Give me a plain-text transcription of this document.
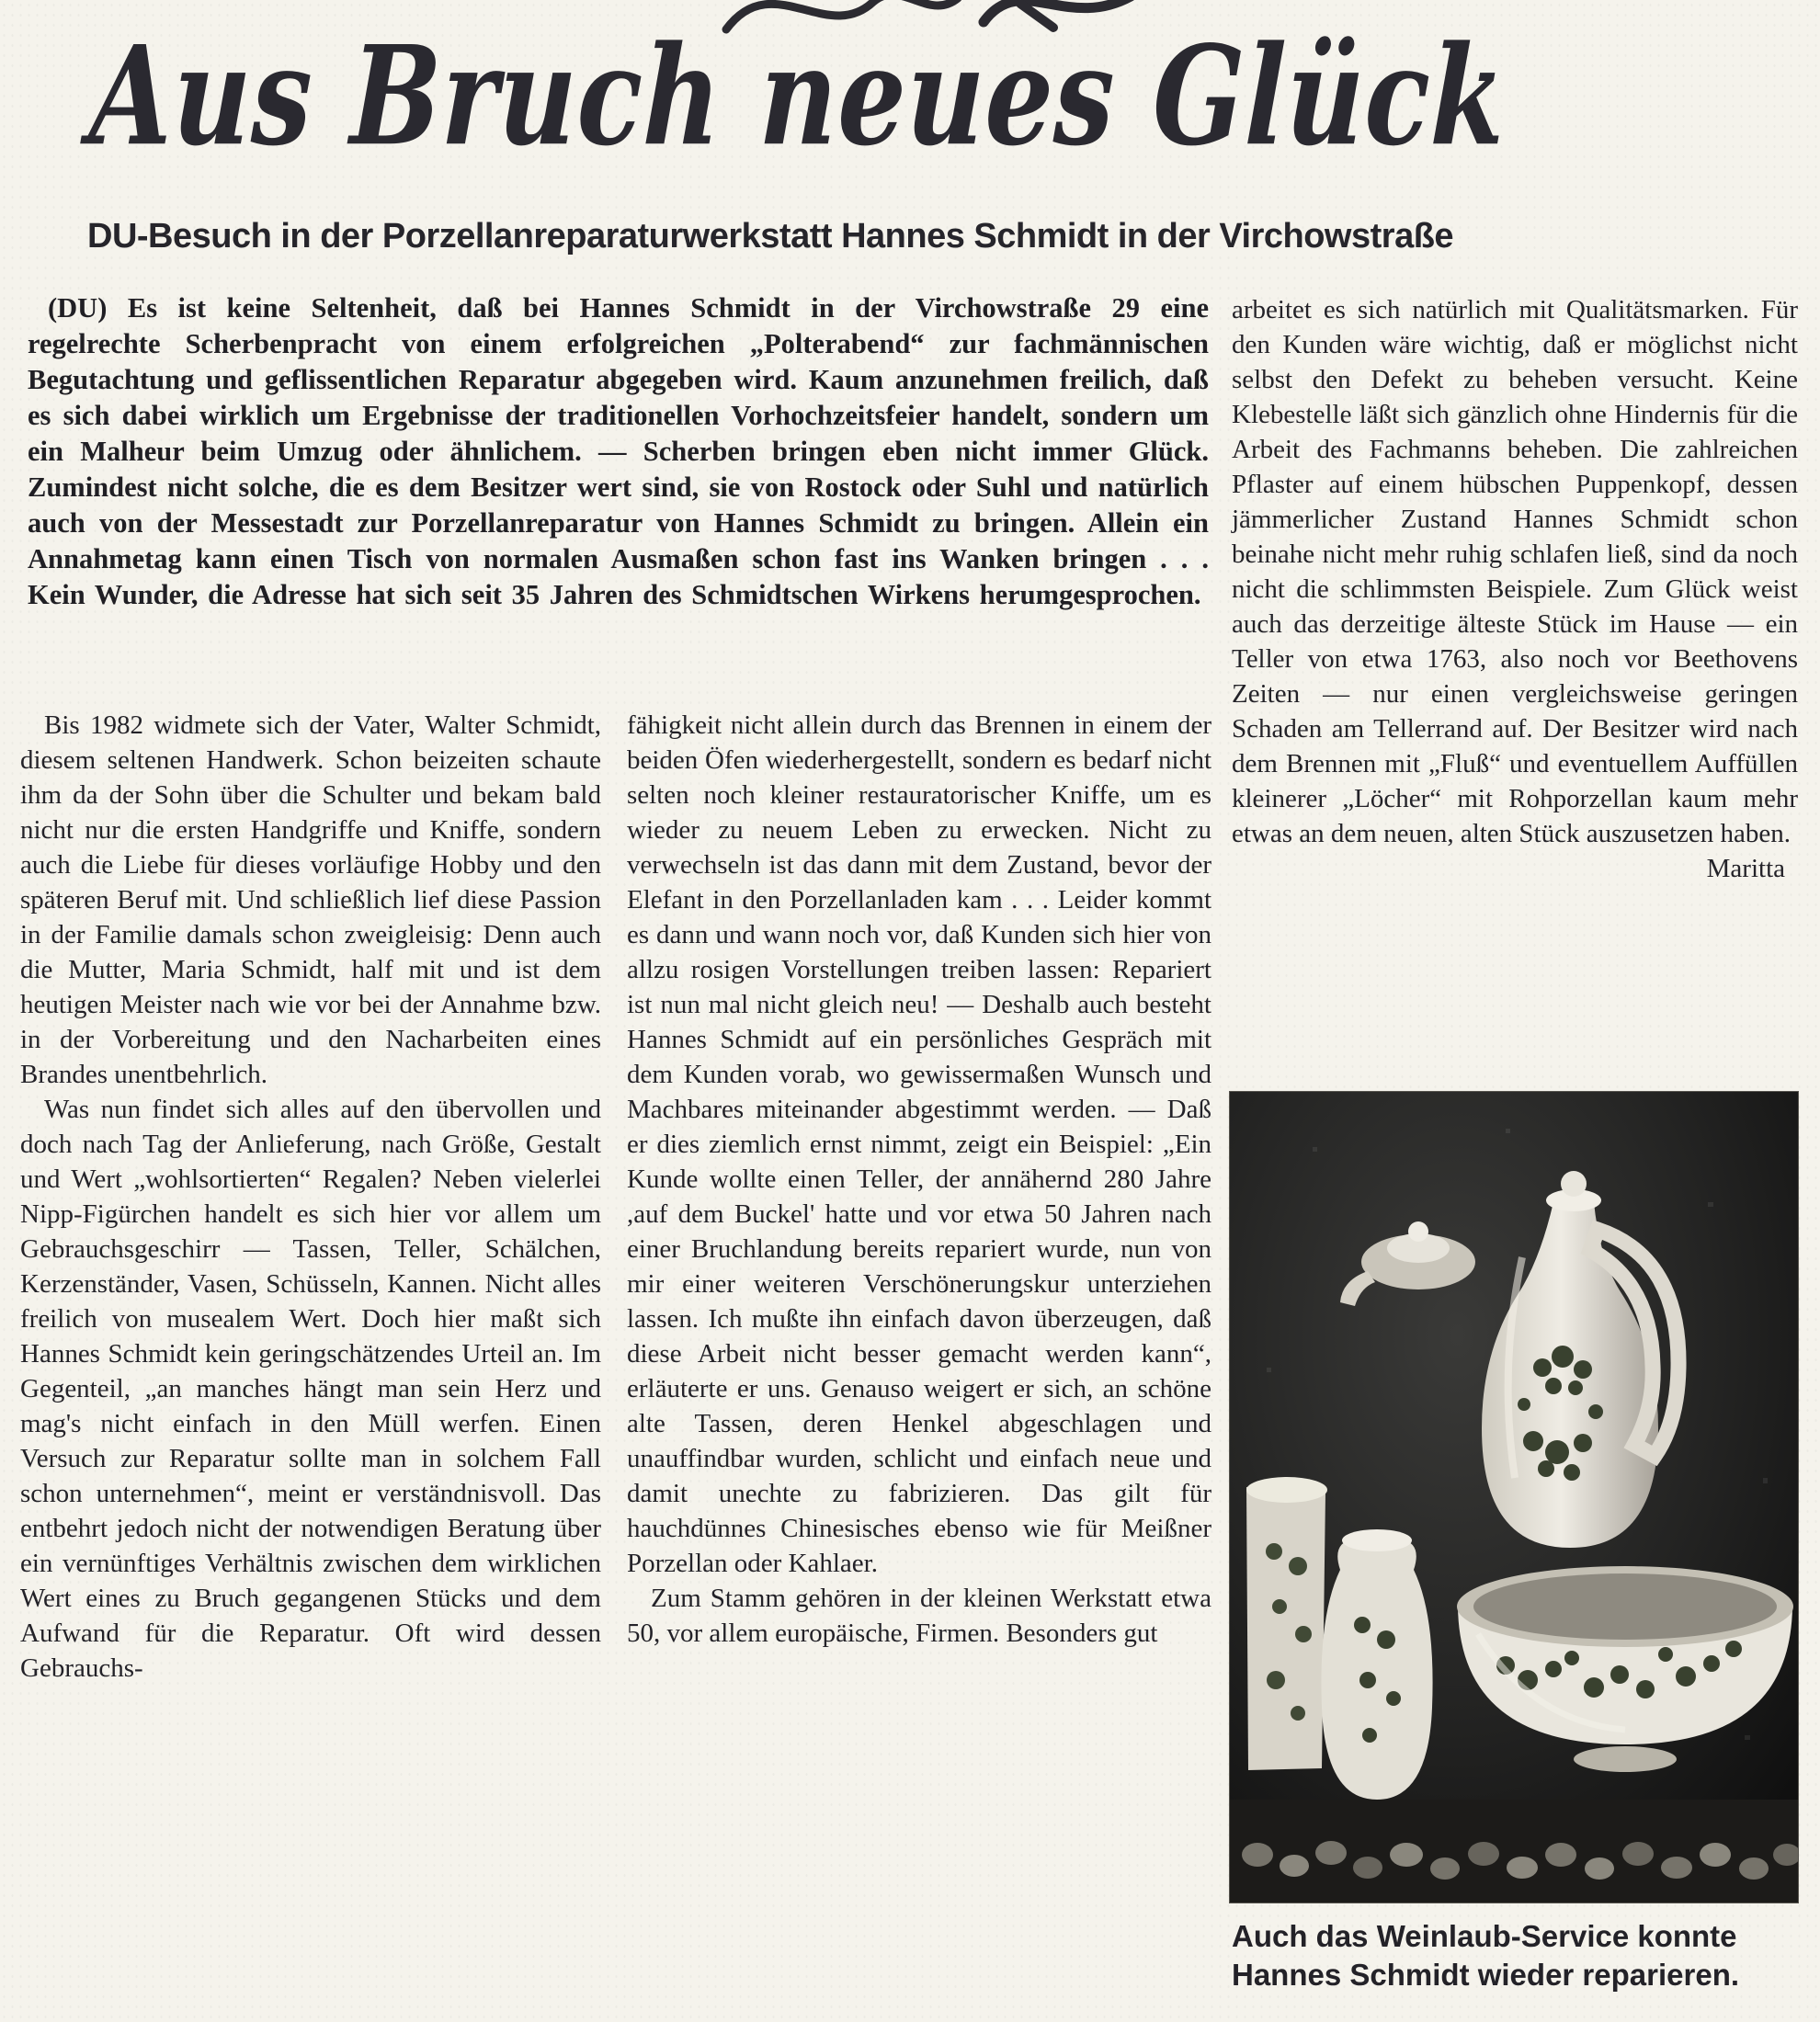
Aus Bruch neues Glück
DU-Besuch in der Porzellanreparaturwerkstatt Hannes Schmidt in der Virchowstraße
(DU) Es ist keine Seltenheit, daß bei Hannes Schmidt in der Virchowstraße 29 eine regelrechte Scherbenpracht von einem erfolgreichen „Polterabend“ zur fachmännischen Begutachtung und geflissentlichen Reparatur abgegeben wird. Kaum anzunehmen freilich, daß es sich dabei wirklich um Ergebnisse der traditionellen Vorhochzeitsfeier handelt, sondern um ein Malheur beim Umzug oder ähnlichem. — Scherben bringen eben nicht immer Glück. Zumindest nicht solche, die es dem Besitzer wert sind, sie von Rostock oder Suhl und natürlich auch von der Messestadt zur Porzellanreparatur von Hannes Schmidt zu bringen. Allein ein Annahmetag kann einen Tisch von normalen Ausmaßen schon fast ins Wanken bringen . . . Kein Wunder, die Adresse hat sich seit 35 Jahren des Schmidtschen Wirkens herumgesprochen.

Bis 1982 widmete sich der Vater, Walter Schmidt, diesem seltenen Handwerk. Schon beizeiten schaute ihm da der Sohn über die Schulter und bekam bald nicht nur die ersten Handgriffe und Kniffe, sondern auch die Liebe für dieses vorläufige Hobby und den späteren Beruf mit. Und schließlich lief diese Passion in der Familie damals schon zweigleisig: Denn auch die Mutter, Maria Schmidt, half mit und ist dem heutigen Meister nach wie vor bei der Annahme bzw. in der Vorbereitung und den Nacharbeiten eines Brandes unentbehrlich.

Was nun findet sich alles auf den übervollen und doch nach Tag der Anlieferung, nach Größe, Gestalt und Wert „wohlsortierten“ Regalen? Neben vielerlei Nipp-Figürchen handelt es sich hier vor allem um Gebrauchsgeschirr — Tassen, Teller, Schälchen, Kerzenständer, Vasen, Schüsseln, Kannen. Nicht alles freilich von musealem Wert. Doch hier maßt sich Hannes Schmidt kein geringschätzendes Urteil an. Im Gegenteil, „an manches hängt man sein Herz und mag's nicht einfach in den Müll werfen. Einen Versuch zur Reparatur sollte man in solchem Fall schon unternehmen“, meint er verständnisvoll. Das entbehrt jedoch nicht der notwendigen Beratung über ein vernünftiges Verhältnis zwischen dem wirklichen Wert eines zu Bruch gegangenen Stücks und dem Aufwand für die Reparatur. Oft wird dessen Gebrauchs-

fähigkeit nicht allein durch das Brennen in einem der beiden Öfen wiederhergestellt, sondern es bedarf nicht selten noch kleiner restauratorischer Kniffe, um es wieder zu neuem Leben zu erwecken. Nicht zu verwechseln ist das dann mit dem Zustand, bevor der Elefant in den Porzellanladen kam . . . Leider kommt es dann und wann noch vor, daß Kunden sich hier von allzu rosigen Vorstellungen treiben lassen: Repariert ist nun mal nicht gleich neu! — Deshalb auch besteht Hannes Schmidt auf ein persönliches Gespräch mit dem Kunden vorab, wo gewissermaßen Wunsch und Machbares miteinander abgestimmt werden. — Daß er dies ziemlich ernst nimmt, zeigt ein Beispiel: „Ein Kunde wollte einen Teller, der annähernd 280 Jahre ,auf dem Buckel' hatte und vor etwa 50 Jahren nach einer Bruchlandung bereits repariert wurde, nun von mir einer weiteren Verschönerungskur unterziehen lassen. Ich mußte ihn einfach davon überzeugen, daß diese Arbeit nicht besser gemacht werden kann“, erläuterte er uns. Genauso weigert er sich, an schöne alte Tassen, deren Henkel abgeschlagen und unauffindbar wurden, schlicht und einfach neue und damit unechte zu fabrizieren. Das gilt für hauchdünnes Chinesisches ebenso wie für Meißner Porzellan oder Kahlaer.

Zum Stamm gehören in der kleinen Werkstatt etwa 50, vor allem europäische, Firmen. Besonders gut

arbeitet es sich natürlich mit Qualitätsmarken. Für den Kunden wäre wichtig, daß er möglichst nicht selbst den Defekt zu beheben versucht. Keine Klebestelle läßt sich gänzlich ohne Hindernis für die Arbeit des Fachmanns beheben. Die zahlreichen Pflaster auf einem hübschen Puppenkopf, dessen jämmerlicher Zustand Hannes Schmidt schon beinahe nicht mehr ruhig schlafen ließ, sind da noch nicht die schlimmsten Beispiele. Zum Glück weist auch das derzeitige älteste Stück im Hause — ein Teller von etwa 1763, also noch vor Beethovens Zeiten — nur einen vergleichsweise geringen Schaden am Tellerrand auf. Der Besitzer wird nach dem Brennen mit „Fluß“ und eventuellem Auffüllen kleinerer „Löcher“ mit Rohporzellan kaum mehr etwas an dem neuen, alten Stück auszusetzen haben.

Maritta

Auch das Weinlaub-Service konnte Hannes Schmidt wieder reparieren.
